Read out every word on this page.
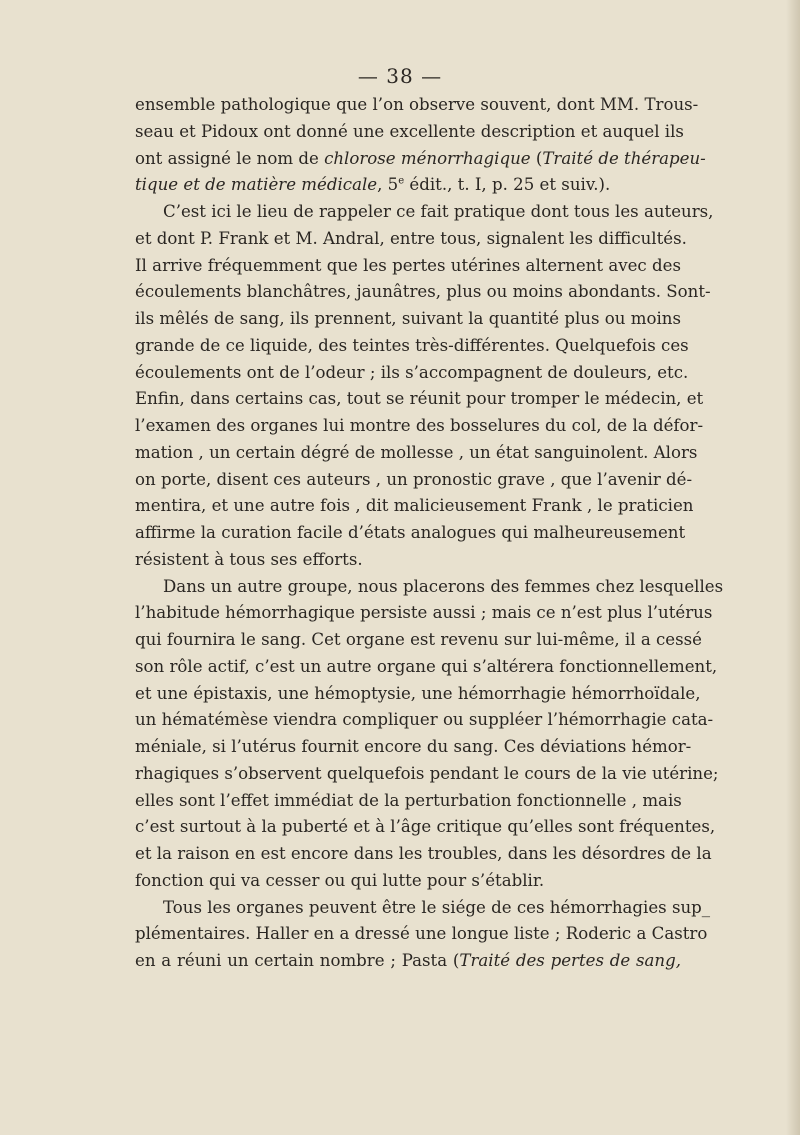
— 38 —
ensemble pathologique que l’on observe souvent, dont MM. Trous-
seau et Pidoux ont donné une excellente description et auquel ils
ont assigné le nom de chlorose ménorrhagique (Traité de thérapeu-
tique et de matière médicale, 5e édit., t. I, p. 25 et suiv.).
C’est ici le lieu de rappeler ce fait pratique dont tous les auteurs,
et dont P. Frank et M. Andral, entre tous, signalent les difficultés.
Il arrive fréquemment que les pertes utérines alternent avec des
écoulements blanchâtres, jaunâtres, plus ou moins abondants. Sont-
ils mêlés de sang, ils prennent, suivant la quantité plus ou moins
grande de ce liquide, des teintes très-différentes. Quelquefois ces
écoulements ont de l’odeur ; ils s’accompagnent de douleurs, etc.
Enfin, dans certains cas, tout se réunit pour tromper le médecin, et
l’examen des organes lui montre des bosselures du col, de la défor-
mation , un certain dégré de mollesse , un état sanguinolent. Alors
on porte, disent ces auteurs , un pronostic grave , que l’avenir dé-
mentira, et une autre fois , dit malicieusement Frank , le praticien
affirme la curation facile d’états analogues qui malheureusement
résistent à tous ses efforts.
Dans un autre groupe, nous placerons des femmes chez lesquelles
l’habitude hémorrhagique persiste aussi ; mais ce n’est plus l’utérus
qui fournira le sang. Cet organe est revenu sur lui-même, il a cessé
son rôle actif, c’est un autre organe qui s’altérera fonctionnellement,
et une épistaxis, une hémoptysie, une hémorrhagie hémorrhoïdale,
un hématémèse viendra compliquer ou suppléer l’hémorrhagie cata-
méniale, si l’utérus fournit encore du sang. Ces déviations hémor-
rhagiques s’observent quelquefois pendant le cours de la vie utérine;
elles sont l’effet immédiat de la perturbation fonctionnelle , mais
c’est surtout à la puberté et à l’âge critique qu’elles sont fréquentes,
et la raison en est encore dans les troubles, dans les désordres de la
fonction qui va cesser ou qui lutte pour s’établir.
Tous les organes peuvent être le siége de ces hémorrhagies sup_
plémentaires. Haller en a dressé une longue liste ; Roderic a Castro
en a réuni un certain nombre ; Pasta (Traité des pertes de sang,
